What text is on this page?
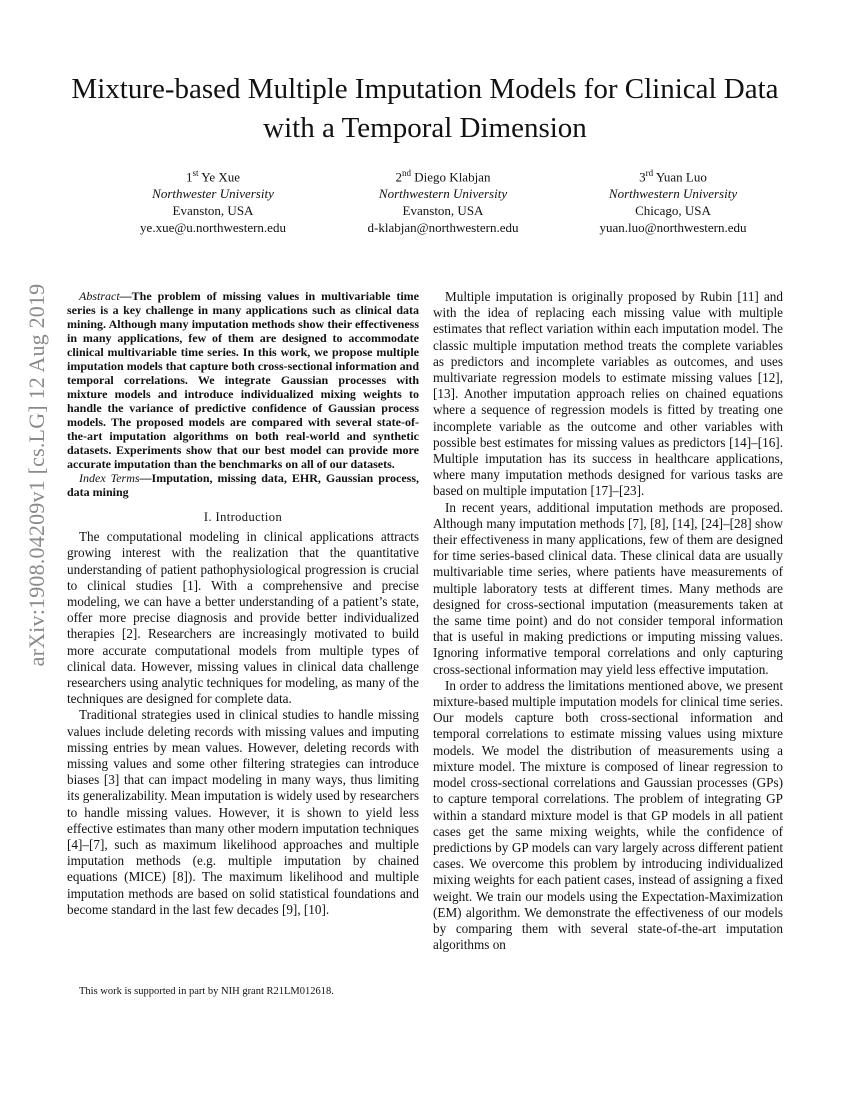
arXiv:1908.04209v1 [cs.LG] 12 Aug 2019
Mixture-based Multiple Imputation Models for Clinical Data with a Temporal Dimension
1st Ye Xue
Northwester University
Evanston, USA
ye.xue@u.northwestern.edu
2nd Diego Klabjan
Northwestern University
Evanston, USA
d-klabjan@northwestern.edu
3rd Yuan Luo
Northwestern University
Chicago, USA
yuan.luo@northwestern.edu

Abstract—The problem of missing values in multivariable time series is a key challenge in many applications such as clinical data mining. Although many imputation methods show their effectiveness in many applications, few of them are designed to accommodate clinical multivariable time series. In this work, we propose multiple imputation models that capture both cross-sectional information and temporal correlations. We integrate Gaussian processes with mixture models and introduce individualized mixing weights to handle the variance of predictive confidence of Gaussian process models. The proposed models are compared with several state-of-the-art imputation algorithms on both real-world and synthetic datasets. Experiments show that our best model can provide more accurate imputation than the benchmarks on all of our datasets.

Index Terms—Imputation, missing data, EHR, Gaussian process, data mining

I. Introduction

The computational modeling in clinical applications attracts growing interest with the realization that the quantitative understanding of patient pathophysiological progression is crucial to clinical studies [1]. With a comprehensive and precise modeling, we can have a better understanding of a patient’s state, offer more precise diagnosis and provide better individualized therapies [2]. Researchers are increasingly motivated to build more accurate computational models from multiple types of clinical data. However, missing values in clinical data challenge researchers using analytic techniques for modeling, as many of the techniques are designed for complete data.

Traditional strategies used in clinical studies to handle missing values include deleting records with missing values and imputing missing entries by mean values. However, deleting records with missing values and some other filtering strategies can introduce biases [3] that can impact modeling in many ways, thus limiting its generalizability. Mean imputation is widely used by researchers to handle missing values. However, it is shown to yield less effective estimates than many other modern imputation techniques [4]–[7], such as maximum likelihood approaches and multiple imputation methods (e.g. multiple imputation by chained equations (MICE) [8]). The maximum likelihood and multiple imputation methods are based on solid statistical foundations and become standard in the last few decades [9], [10].

This work is supported in part by NIH grant R21LM012618.

Multiple imputation is originally proposed by Rubin [11] and with the idea of replacing each missing value with multiple estimates that reflect variation within each imputation model. The classic multiple imputation method treats the complete variables as predictors and incomplete variables as outcomes, and uses multivariate regression models to estimate missing values [12], [13]. Another imputation approach relies on chained equations where a sequence of regression models is fitted by treating one incomplete variable as the outcome and other variables with possible best estimates for missing values as predictors [14]–[16]. Multiple imputation has its success in healthcare applications, where many imputation methods designed for various tasks are based on multiple imputation [17]–[23].

In recent years, additional imputation methods are proposed. Although many imputation methods [7], [8], [14], [24]–[28] show their effectiveness in many applications, few of them are designed for time series-based clinical data. These clinical data are usually multivariable time series, where patients have measurements of multiple laboratory tests at different times. Many methods are designed for cross-sectional imputation (measurements taken at the same time point) and do not consider temporal information that is useful in making predictions or imputing missing values. Ignoring informative temporal correlations and only capturing cross-sectional information may yield less effective imputation.

In order to address the limitations mentioned above, we present mixture-based multiple imputation models for clinical time series. Our models capture both cross-sectional information and temporal correlations to estimate missing values using mixture models. We model the distribution of measurements using a mixture model. The mixture is composed of linear regression to model cross-sectional correlations and Gaussian processes (GPs) to capture temporal correlations. The problem of integrating GP within a standard mixture model is that GP models in all patient cases get the same mixing weights, while the confidence of predictions by GP models can vary largely across different patient cases. We overcome this problem by introducing individualized mixing weights for each patient cases, instead of assigning a fixed weight. We train our models using the Expectation-Maximization (EM) algorithm. We demonstrate the effectiveness of our models by comparing them with several state-of-the-art imputation algorithms on
